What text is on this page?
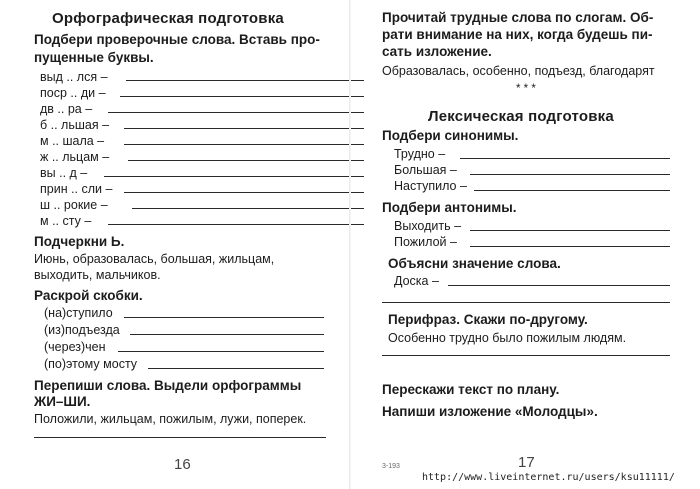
Орфографическая подготовка
Подбери проверочные слова. Вставь про-
пущенные буквы.
выд .. лся –
поср .. ди –
дв .. ра –
б .. льшая –
м .. шала –
ж .. льцам –
вы .. д –
прин .. сли –
ш .. рокие –
м .. сту –
Подчеркни Ь.
Июнь, образовалась, большая, жильцам,
выходить, мальчиков.
Раскрой скобки.
(на)ступило
(из)подъезда
(через)чен
(по)этому мосту
Перепиши слова. Выдели орфограммы
ЖИ–ШИ.
Положили, жильцам, пожилым, лужи, поперек.
16
Прочитай трудные слова по слогам. Об-
рати внимание на них, когда будешь пи-
сать изложение.
Образовалась, особенно, подъезд, благодарят
* * *
Лексическая подготовка
Подбери синонимы.
Трудно –
Большая –
Наступило –
Подбери антонимы.
Выходить –
Пожилой –
Объясни значение слова.
Доска –
Перифраз. Скажи по-другому.
Особенно трудно было пожилым людям.
Перескажи текст по плану.
Напиши изложение «Молодцы».
3-193	17
http://www.liveinternet.ru/users/ksu11111/
